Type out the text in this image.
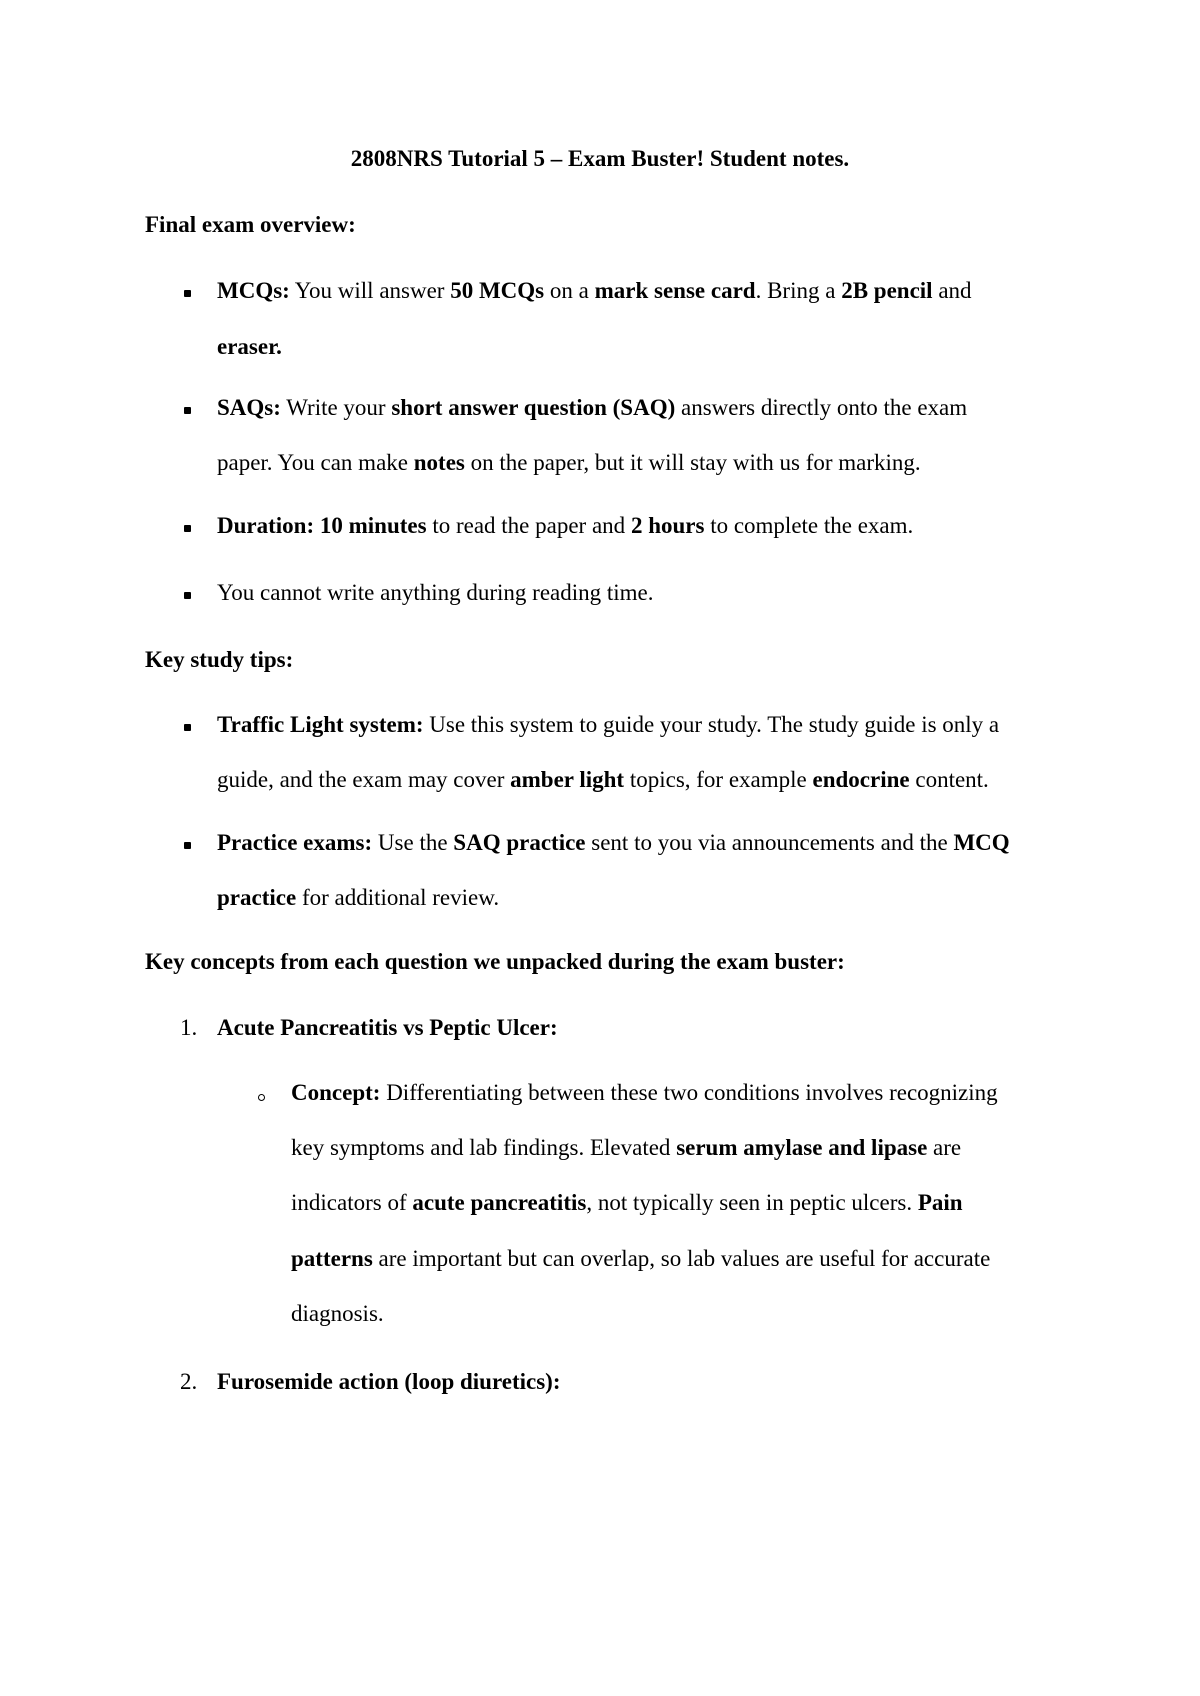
2808NRS Tutorial 5 – Exam Buster! Student notes.
Final exam overview:
MCQs: You will answer 50 MCQs on a mark sense card. Bring a 2B pencil and
eraser.
SAQs: Write your short answer question (SAQ) answers directly onto the exam
paper. You can make notes on the paper, but it will stay with us for marking.
Duration: 10 minutes to read the paper and 2 hours to complete the exam.
You cannot write anything during reading time.
Key study tips:
Traffic Light system: Use this system to guide your study. The study guide is only a
guide, and the exam may cover amber light topics, for example endocrine content.
Practice exams: Use the SAQ practice sent to you via announcements and the MCQ
practice for additional review.
Key concepts from each question we unpacked during the exam buster:
1. Acute Pancreatitis vs Peptic Ulcer:
Concept: Differentiating between these two conditions involves recognizing
key symptoms and lab findings. Elevated serum amylase and lipase are
indicators of acute pancreatitis, not typically seen in peptic ulcers. Pain
patterns are important but can overlap, so lab values are useful for accurate
diagnosis.
2. Furosemide action (loop diuretics):
